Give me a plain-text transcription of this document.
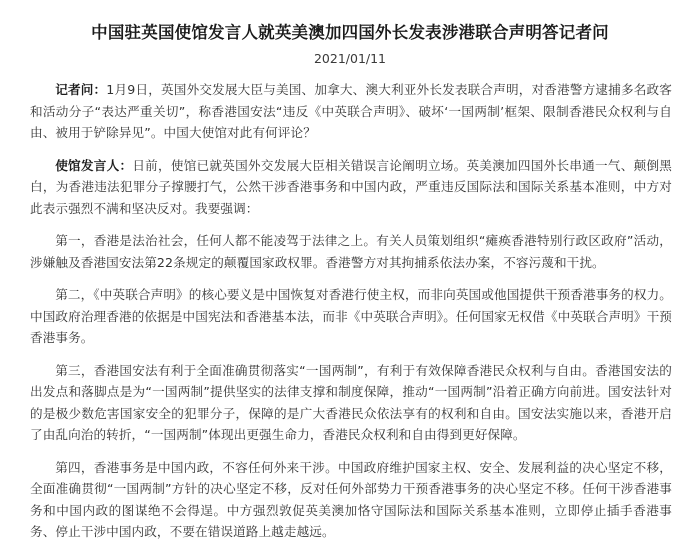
中国驻英国使馆发言人就英美澳加四国外长发表涉港联合声明答记者问
2021/01/11

记者问：1月9日，英国外交发展大臣与美国、加拿大、澳大利亚外长发表联合声明，对香港警方逮捕多名政客和活动分子“表达严重关切”，称香港国安法“违反《中英联合声明》、破坏‘一国两制’框架、限制香港民众权利与自由、被用于铲除异见”。中国大使馆对此有何评论？

使馆发言人：日前，使馆已就英国外交发展大臣相关错误言论阐明立场。英美澳加四国外长串通一气、颠倒黑白，为香港违法犯罪分子撑腰打气，公然干涉香港事务和中国内政，严重违反国际法和国际关系基本准则，中方对此表示强烈不满和坚决反对。我要强调：

第一，香港是法治社会，任何人都不能凌驾于法律之上。有关人员策划组织“瘫痪香港特别行政区政府”活动，涉嫌触及香港国安法第22条规定的颠覆国家政权罪。香港警方对其拘捕系依法办案，不容污蔑和干扰。

第二，《中英联合声明》的核心要义是中国恢复对香港行使主权，而非向英国或他国提供干预香港事务的权力。中国政府治理香港的依据是中国宪法和香港基本法，而非《中英联合声明》。任何国家无权借《中英联合声明》干预香港事务。

第三，香港国安法有利于全面准确贯彻落实“一国两制”，有利于有效保障香港民众权利与自由。香港国安法的出发点和落脚点是为“一国两制”提供坚实的法律支撑和制度保障，推动“一国两制”沿着正确方向前进。国安法针对的是极少数危害国家安全的犯罪分子，保障的是广大香港民众依法享有的权利和自由。国安法实施以来，香港开启了由乱向治的转折，“一国两制”体现出更强生命力，香港民众权利和自由得到更好保障。

第四，香港事务是中国内政，不容任何外来干涉。中国政府维护国家主权、安全、发展利益的决心坚定不移，全面准确贯彻“一国两制”方针的决心坚定不移，反对任何外部势力干预香港事务的决心坚定不移。任何干涉香港事务和中国内政的图谋绝不会得逞。中方强烈敦促英美澳加恪守国际法和国际关系基本准则，立即停止插手香港事务、停止干涉中国内政，不要在错误道路上越走越远。
